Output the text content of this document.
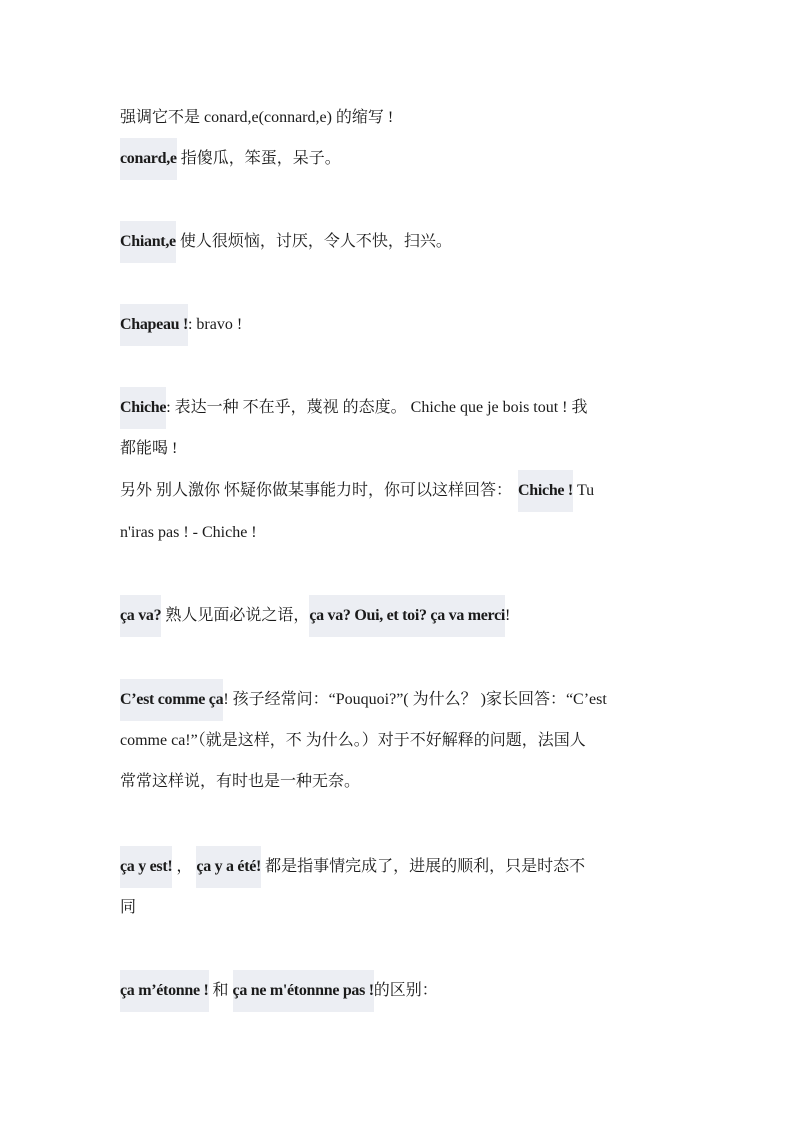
强调它不是 conard,e(connard,e) 的缩写 !
conard,e 指傻瓜，笨蛋，呆子。
Chiant,e 使人很烦恼，讨厌，令人不快，扫兴。
Chapeau !: bravo !
Chiche: 表达一种 不在乎，蔑视 的态度。 Chiche que je bois tout ! 我
都能喝 !
另外 别人激你 怀疑你做某事能力时，你可以这样回答： Chiche ! Tu
n'iras pas ! - Chiche !
ça va? 熟人见面必说之语，ça va? Oui, et toi? ça va merci!
C’est comme ça! 孩子经常问：“Pouquoi?”( 为什么？ )家长回答：“C’est
comme ca!”（就是这样，不 为什么。）对于不好解释的问题，法国人
常常这样说，有时也是一种无奈。
ça y est! ， ça y a été! 都是指事情完成了，进展的顺利，只是时态不
同
ça m’étonne ! 和 ça ne m'étonnne pas !的区别：
